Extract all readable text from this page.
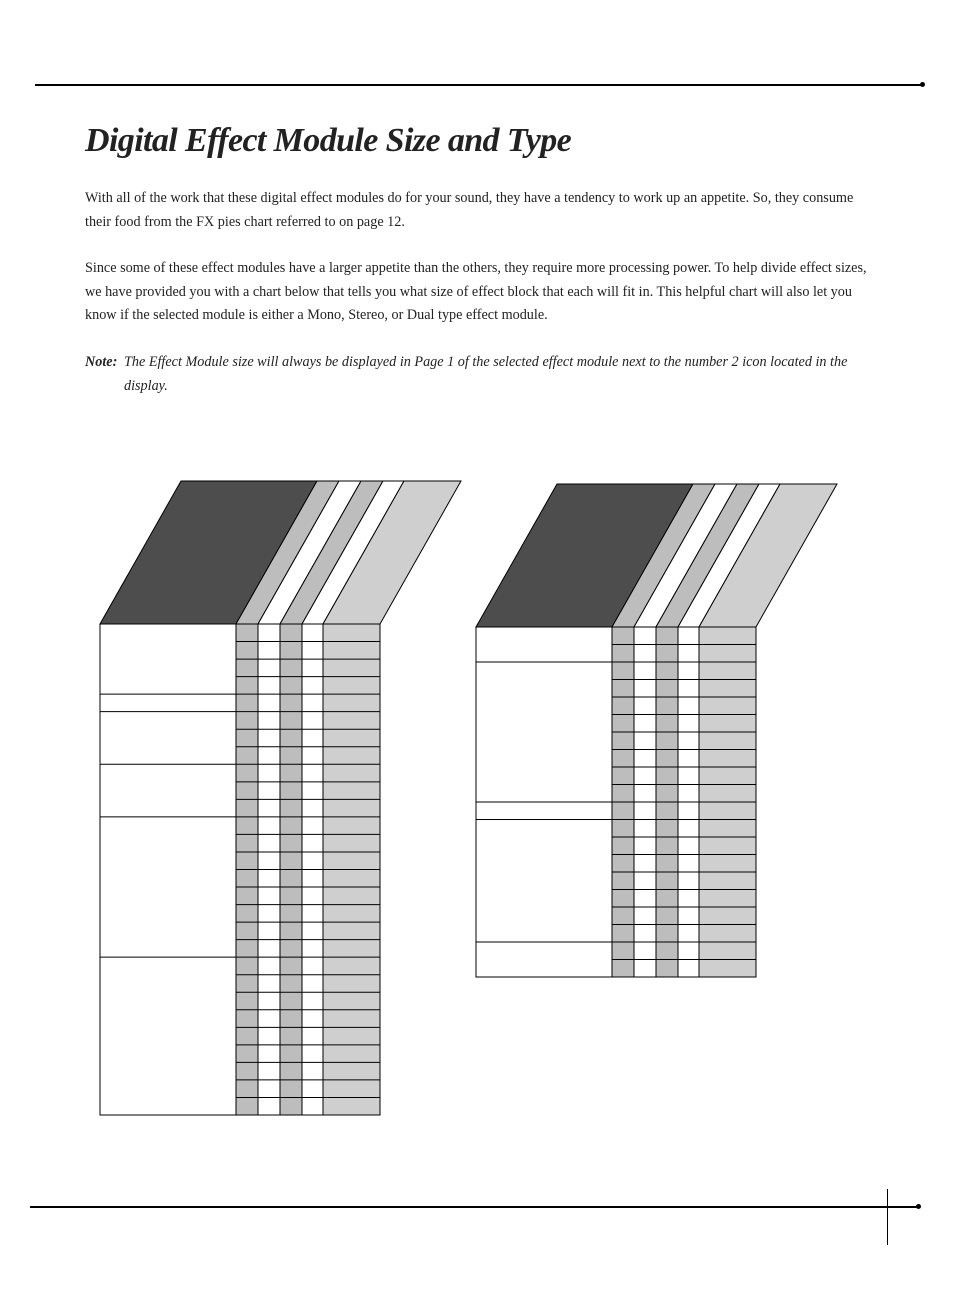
Digital Effect Module Size and Type

With all of the work that these digital effect modules do for your sound, they have a tendency to work up an appetite. So, they consume their food from the FX pies chart referred to on page 12.

Since some of these effect modules have a larger appetite than the others, they require more processing power. To help divide effect sizes, we have provided you with a chart below that tells you what size of effect block that each will fit in. This helpful chart will also let you know if the selected module is either a Mono, Stereo, or Dual type effect module.

Note: The Effect Module size will always be displayed in Page 1 of the selected effect module next to the number 2 icon located in the display.
